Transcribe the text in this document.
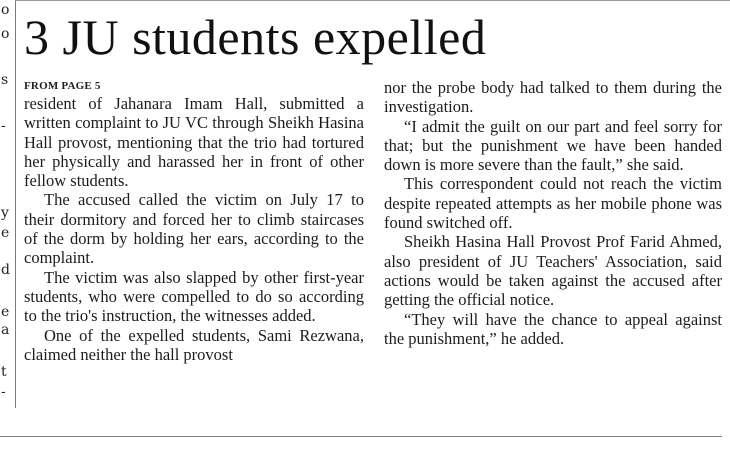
o
o
s
-
y
e
d
e
a
t
-
3 JU students expelled
FROM PAGE 5

resident of Jahanara Imam Hall, submitted a written complaint to JU VC through Sheikh Hasina Hall provost, mentioning that the trio had tortured her physically and harassed her in front of other fellow students.

The accused called the victim on July 17 to their dormitory and forced her to climb staircases of the dorm by holding her ears, according to the complaint.

The victim was also slapped by other first-year students, who were compelled to do so according to the trio's instruction, the witnesses added.

One of the expelled students, Sami Rezwana, claimed neither the hall provost

nor the probe body had talked to them during the investigation.

“I admit the guilt on our part and feel sorry for that; but the punishment we have been handed down is more severe than the fault,” she said.

This correspondent could not reach the victim despite repeated attempts as her mobile phone was found switched off.

Sheikh Hasina Hall Provost Prof Farid Ahmed, also president of JU Teachers' Association, said actions would be taken against the accused after getting the official notice.

“They will have the chance to appeal against the punishment,” he added.
